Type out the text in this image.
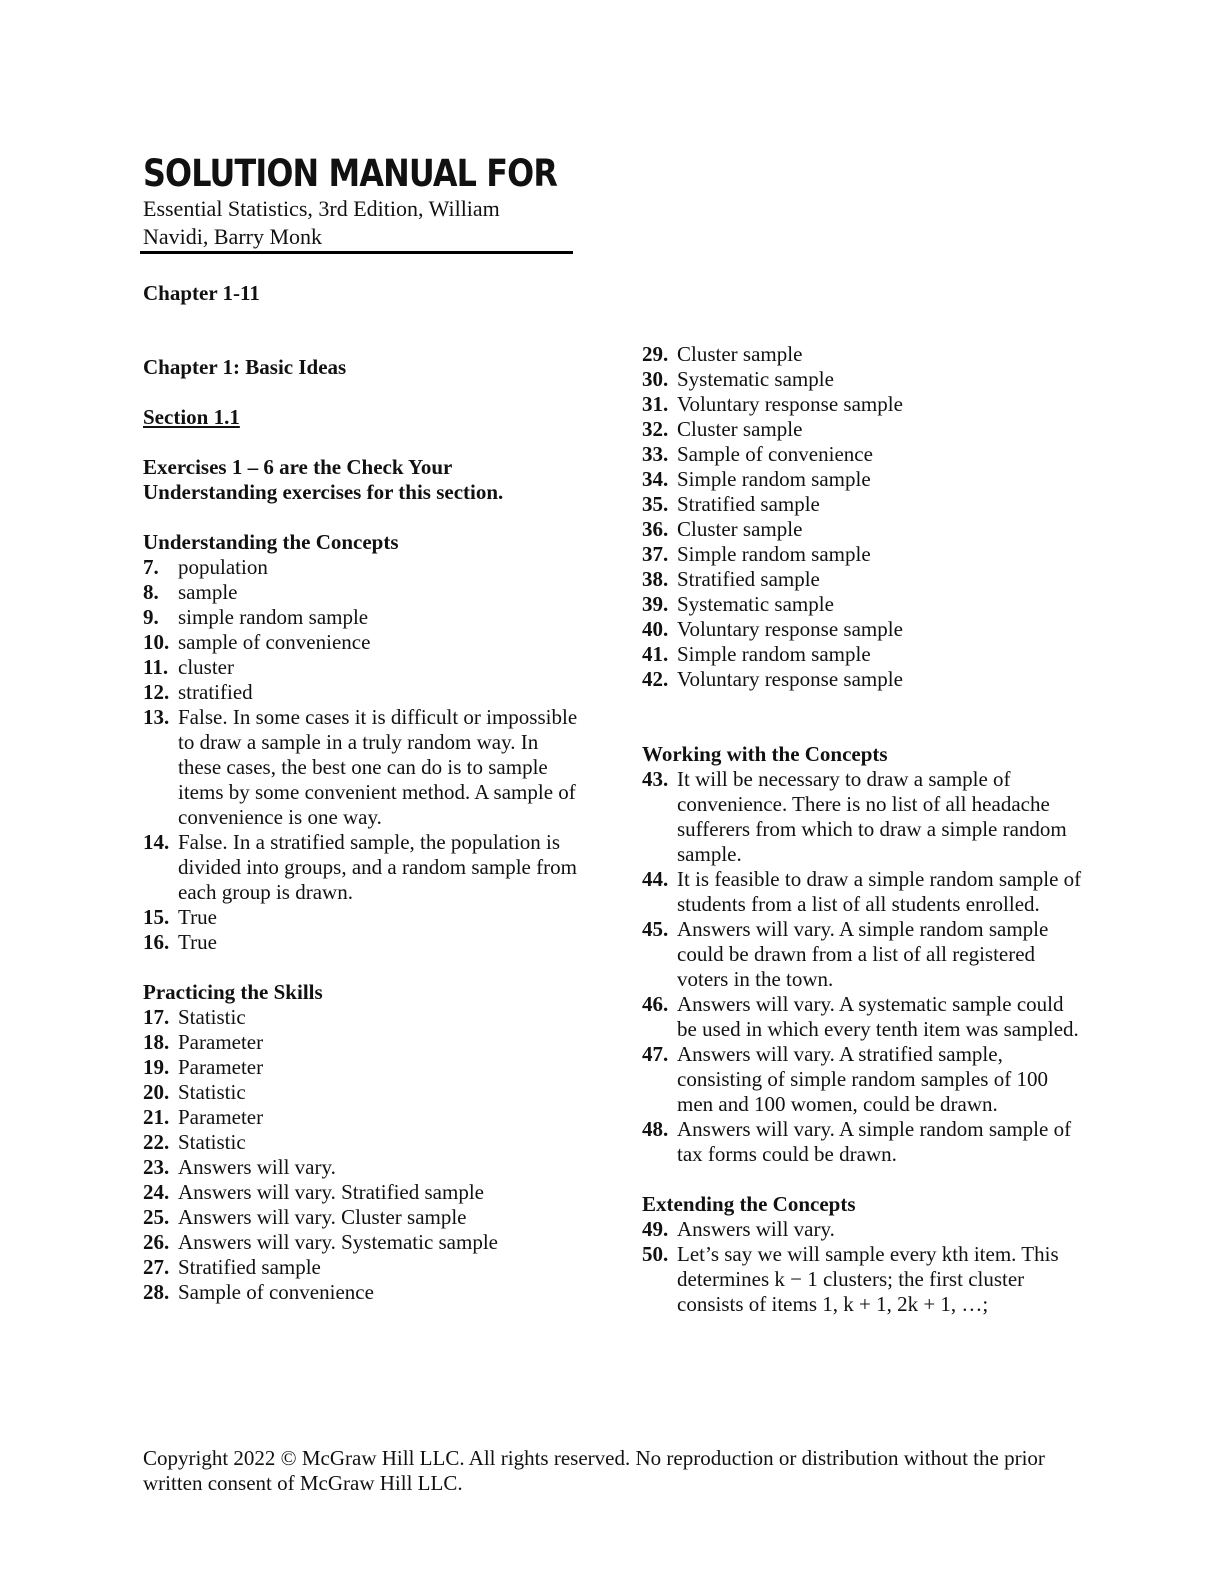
SOLUTION MANUAL FOR
Essential Statistics, 3rd Edition, William Navidi, Barry Monk
Chapter 1-11
Chapter 1: Basic Ideas
Section 1.1
Exercises 1 – 6 are the Check Your Understanding exercises for this section.
Understanding the Concepts
7. population
8. sample
9. simple random sample
10. sample of convenience
11. cluster
12. stratified
13. False. In some cases it is difficult or impossible to draw a sample in a truly random way. In these cases, the best one can do is to sample items by some convenient method. A sample of convenience is one way.
14. False. In a stratified sample, the population is divided into groups, and a random sample from each group is drawn.
15. True
16. True
Practicing the Skills
17. Statistic
18. Parameter
19. Parameter
20. Statistic
21. Parameter
22. Statistic
23. Answers will vary.
24. Answers will vary. Stratified sample
25. Answers will vary. Cluster sample
26. Answers will vary. Systematic sample
27. Stratified sample
28. Sample of convenience
29. Cluster sample
30. Systematic sample
31. Voluntary response sample
32. Cluster sample
33. Sample of convenience
34. Simple random sample
35. Stratified sample
36. Cluster sample
37. Simple random sample
38. Stratified sample
39. Systematic sample
40. Voluntary response sample
41. Simple random sample
42. Voluntary response sample
Working with the Concepts
43. It will be necessary to draw a sample of convenience. There is no list of all headache sufferers from which to draw a simple random sample.
44. It is feasible to draw a simple random sample of students from a list of all students enrolled.
45. Answers will vary. A simple random sample could be drawn from a list of all registered voters in the town.
46. Answers will vary. A systematic sample could be used in which every tenth item was sampled.
47. Answers will vary. A stratified sample, consisting of simple random samples of 100 men and 100 women, could be drawn.
48. Answers will vary. A simple random sample of tax forms could be drawn.
Extending the Concepts
49. Answers will vary.
50. Let’s say we will sample every kth item. This determines k − 1 clusters; the first cluster consists of items 1, k + 1, 2k + 1, …;
Copyright 2022 © McGraw Hill LLC. All rights reserved. No reproduction or distribution without the prior written consent of McGraw Hill LLC.
